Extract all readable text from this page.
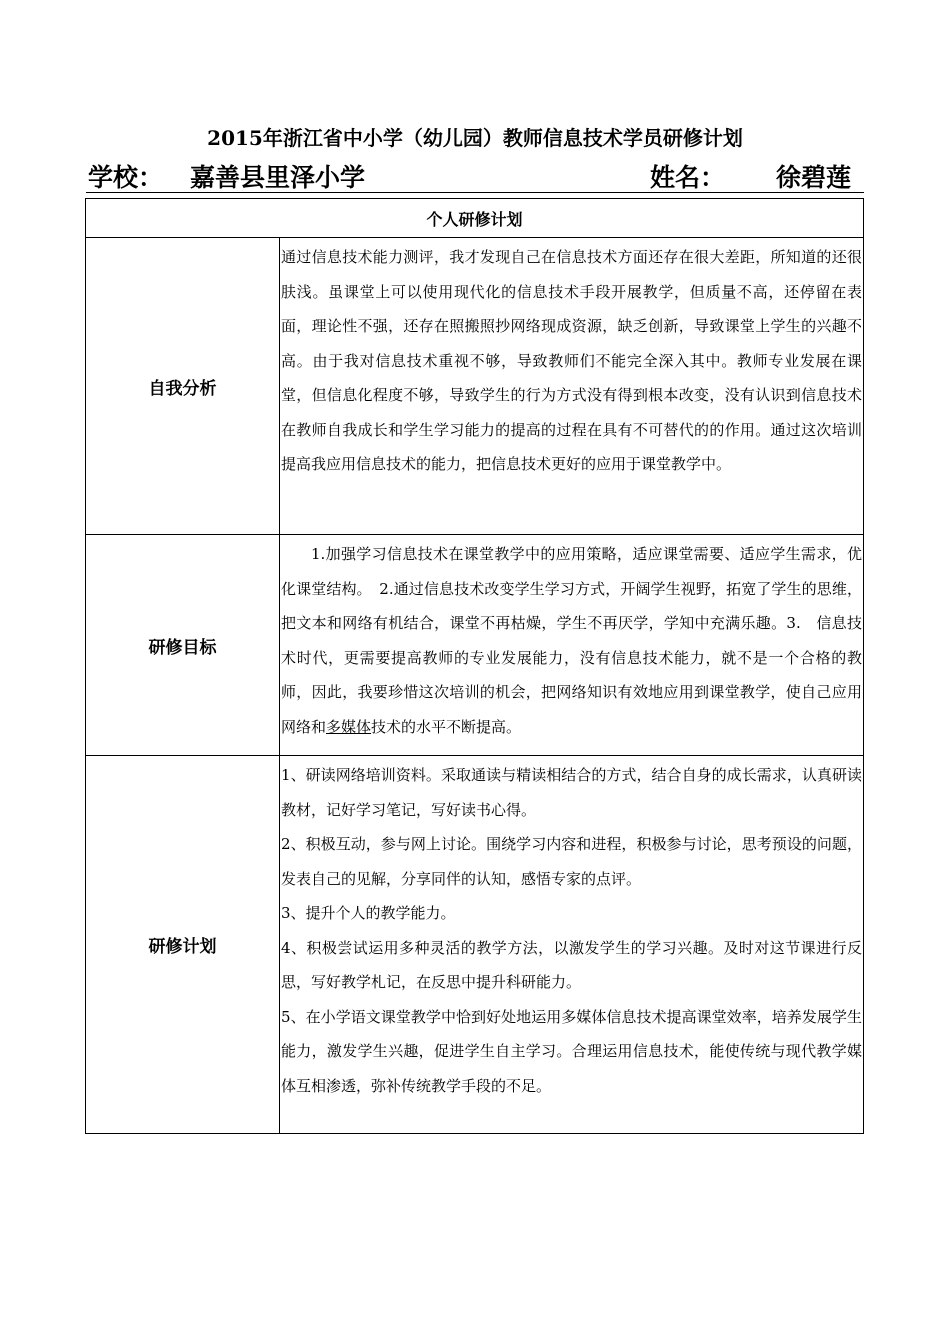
2015年浙江省中小学（幼儿园）教师信息技术学员研修计划
学校： 嘉善县里泽小学	姓名： 徐碧莲
个人研修计划	
自我分析	通过信息技术能力测评，我才发现自己在信息技术方面还存在很大差距，所知道的还很肤浅。虽课堂上可以使用现代化的信息技术手段开展教学，但质量不高，还停留在表面，理论性不强，还存在照搬照抄网络现成资源，缺乏创新，导致课堂上学生的兴趣不高。由于我对信息技术重视不够，导致教师们不能完全深入其中。教师专业发展在课堂，但信息化程度不够，导致学生的行为方式没有得到根本改变，没有认识到信息技术在教师自我成长和学生学习能力的提高的过程在具有不可替代的的作用。通过这次培训提高我应用信息技术的能力，把信息技术更好的应用于课堂教学中。

研修目标	1.加强学习信息技术在课堂教学中的应用策略，适应课堂需要、适应学生需求，优化课堂结构。　2.通过信息技术改变学生学习方式，开阔学生视野，拓宽了学生的思维，把文本和网络有机结合，课堂不再枯燥，学生不再厌学，学知中充满乐趣。3.　信息技术时代，更需要提高教师的专业发展能力，没有信息技术能力，就不是一个合格的教师，因此，我要珍惜这次培训的机会，把网络知识有效地应用到课堂教学，使自己应用网络和多媒体技术的水平不断提高。

研修计划	1、研读网络培训资料。采取通读与精读相结合的方式，结合自身的成长需求，认真研读教材，记好学习笔记，写好读书心得。

2、积极互动，参与网上讨论。围绕学习内容和进程，积极参与讨论，思考预设的问题，发表自己的见解，分享同伴的认知，感悟专家的点评。

3、提升个人的教学能力。

4、积极尝试运用多种灵活的教学方法，以激发学生的学习兴趣。及时对这节课进行反思，写好教学札记，在反思中提升科研能力。

5、在小学语文课堂教学中恰到好处地运用多媒体信息技术提高课堂效率，培养发展学生能力，激发学生兴趣，促进学生自主学习。合理运用信息技术，能使传统与现代教学媒体互相渗透，弥补传统教学手段的不足。
